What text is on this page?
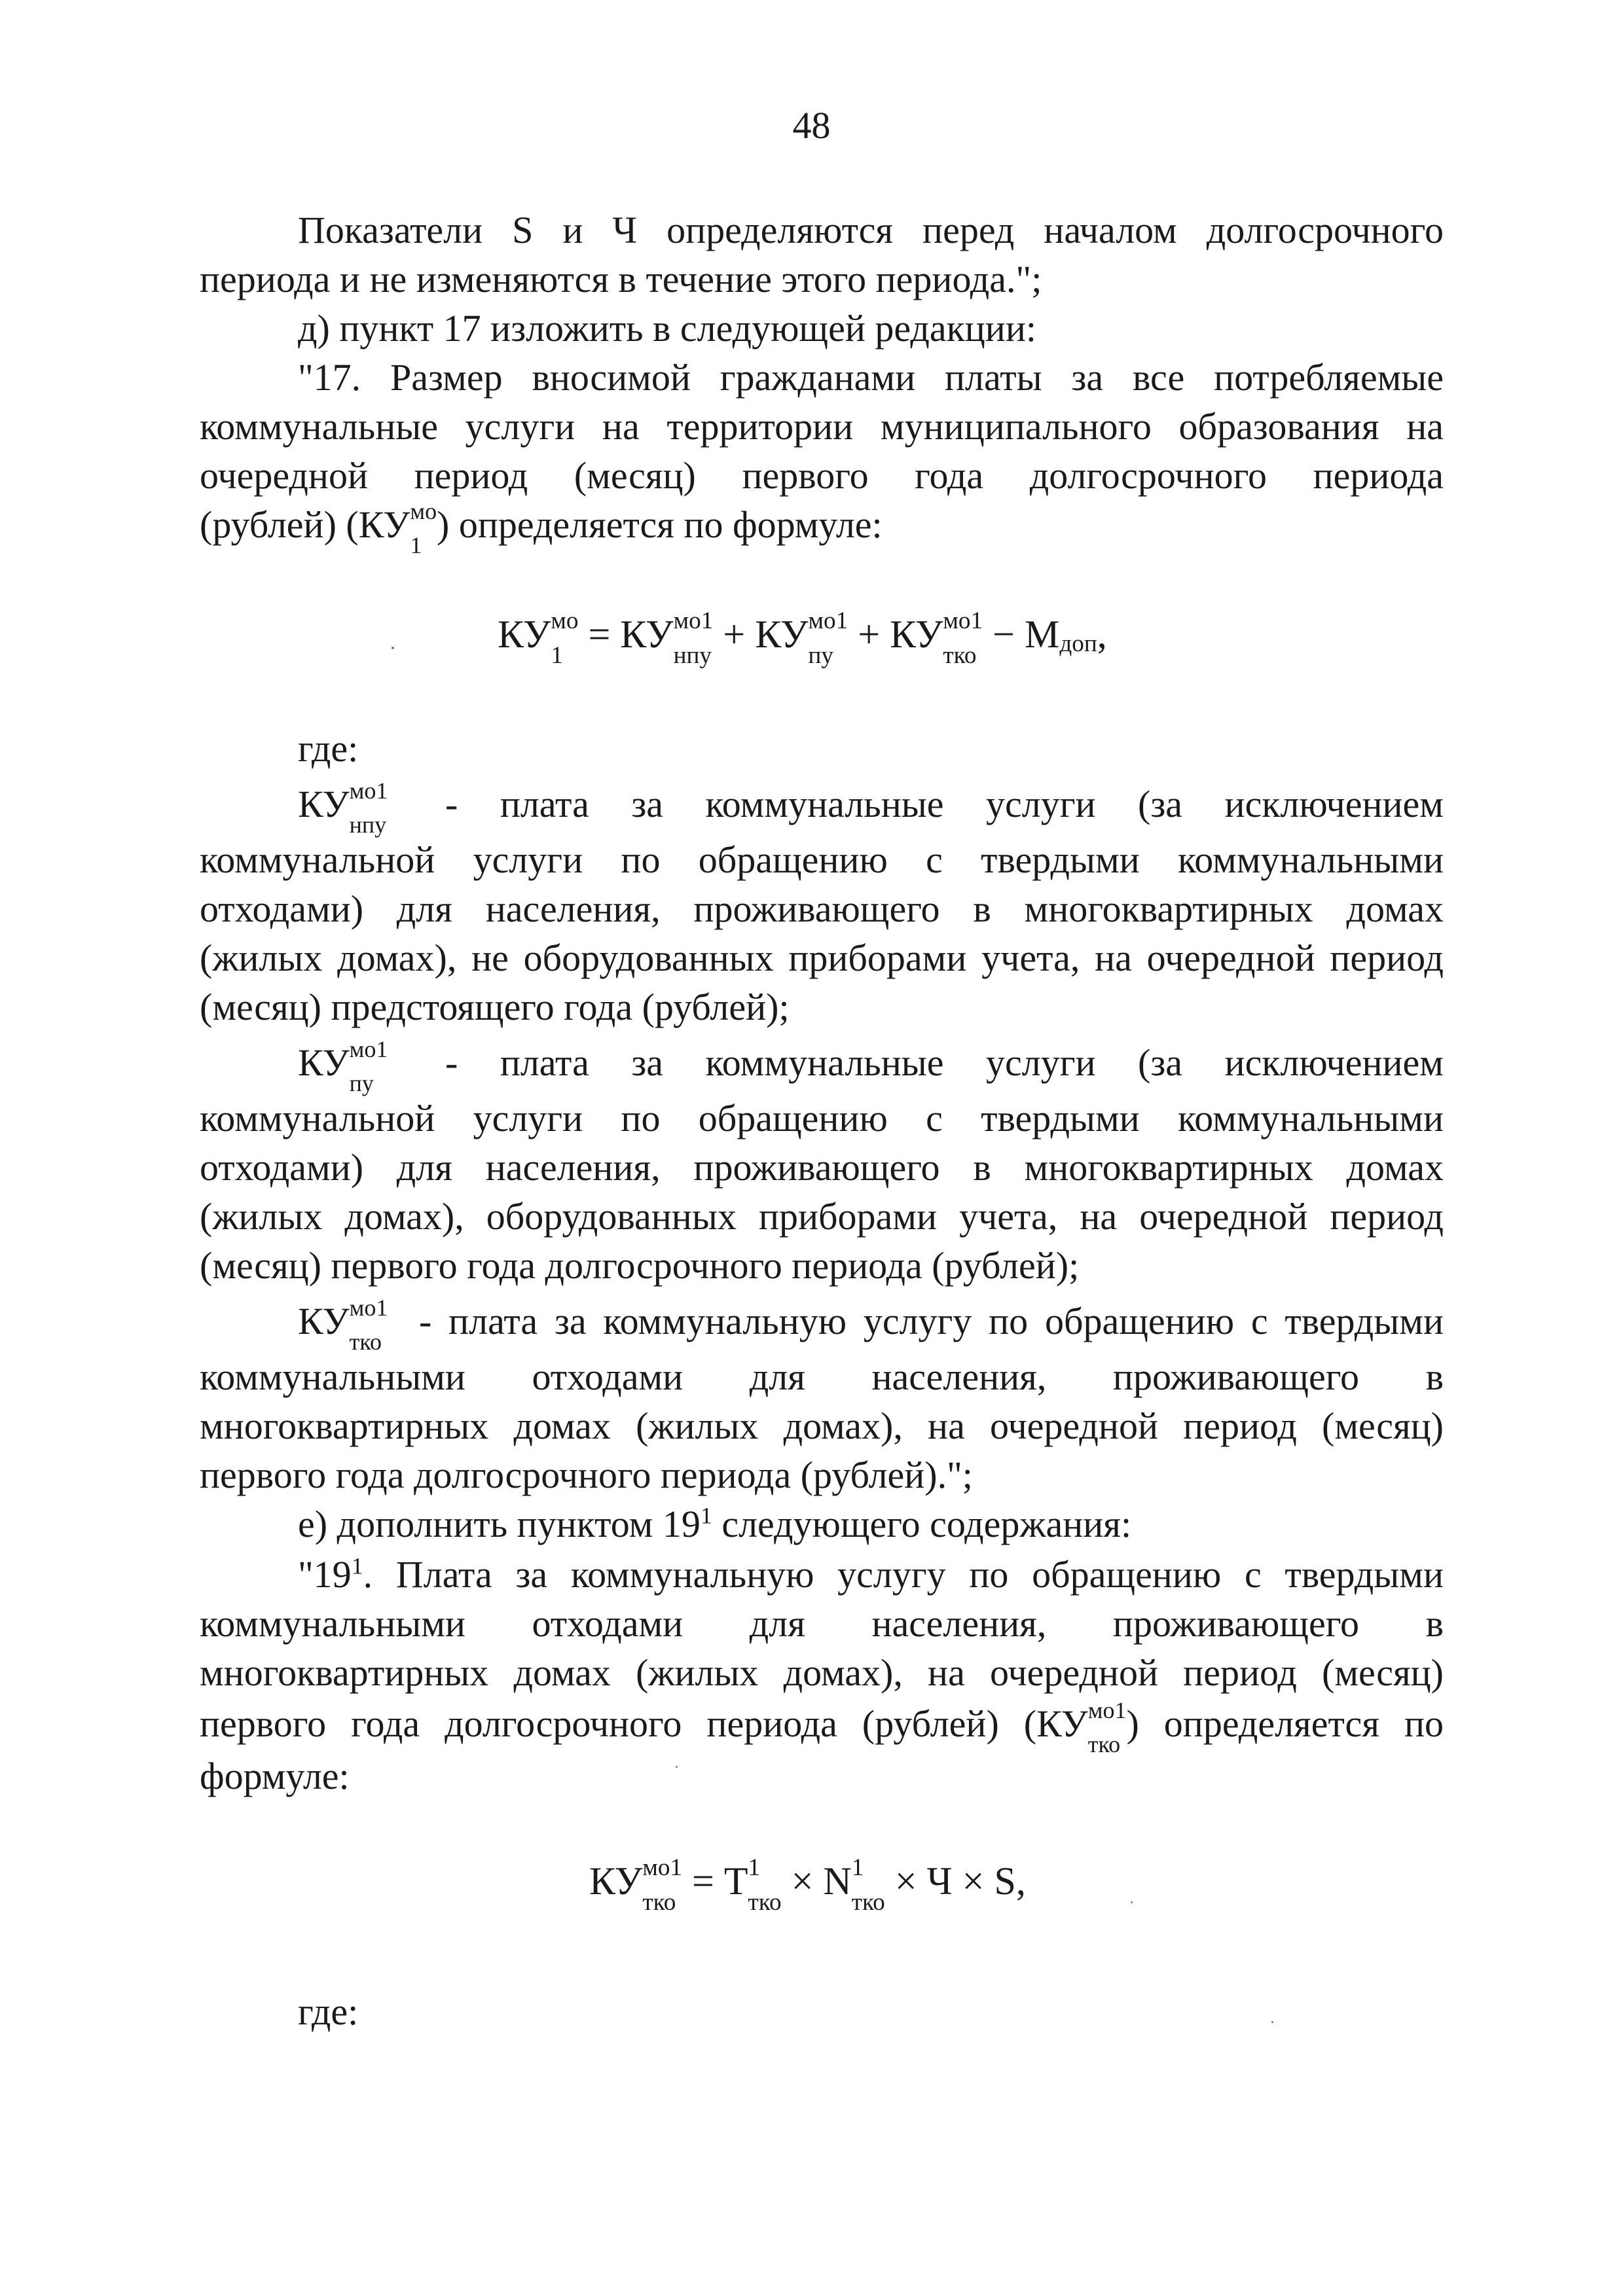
48
Показатели S и Ч определяются перед началом долгосрочного
периода и не изменяются в течение этого периода.";
д) пункт 17 изложить в следующей редакции:
"17. Размер вносимой гражданами платы за все потребляемые
коммунальные услуги на территории муниципального образования на
очередной период (месяц) первого года долгосрочного периода
(рублей) (КУ мо
1 ) определяется по формуле:
КУ мо
1 = КУ мо1
нпу + КУ мо1
пу + КУ мо1
тко − М доп ,
где:
КУ мо1
нпу - плата за коммунальные услуги (за исключением
коммунальной услуги по обращению с твердыми коммунальными
отходами) для населения, проживающего в многоквартирных домах
(жилых домах), не оборудованных приборами учета, на очередной период
(месяц) предстоящего года (рублей);
КУ мо1
пу	- плата за коммунальные услуги (за исключением
коммунальной услуги по обращению с твердыми коммунальными
отходами) для населения, проживающего в многоквартирных домах
(жилых домах), оборудованных приборами учета, на очередной период
(месяц) первого года долгосрочного периода (рублей);
КУ мо1
тко - плата за коммунальную услугу по обращению с твердыми
коммунальными отходами для населения, проживающего в
многоквартирных домах (жилых домах), на очередной период (месяц)
первого года долгосрочного периода (рублей).";
е) дополнить пунктом $19^1$ следующего содержания:
"$19^1$. Плата за коммунальную услугу по обращению с твердыми
коммунальными отходами для населения, проживающего в
многоквартирных домах (жилых домах), на очередной период (месяц)
первого года долгосрочного периода (рублей) (КУ мо1
тко ) определяется по
формуле:
КУ мо1
тко = Т 1
тко × N 1
тко × Ч × S,
где:
